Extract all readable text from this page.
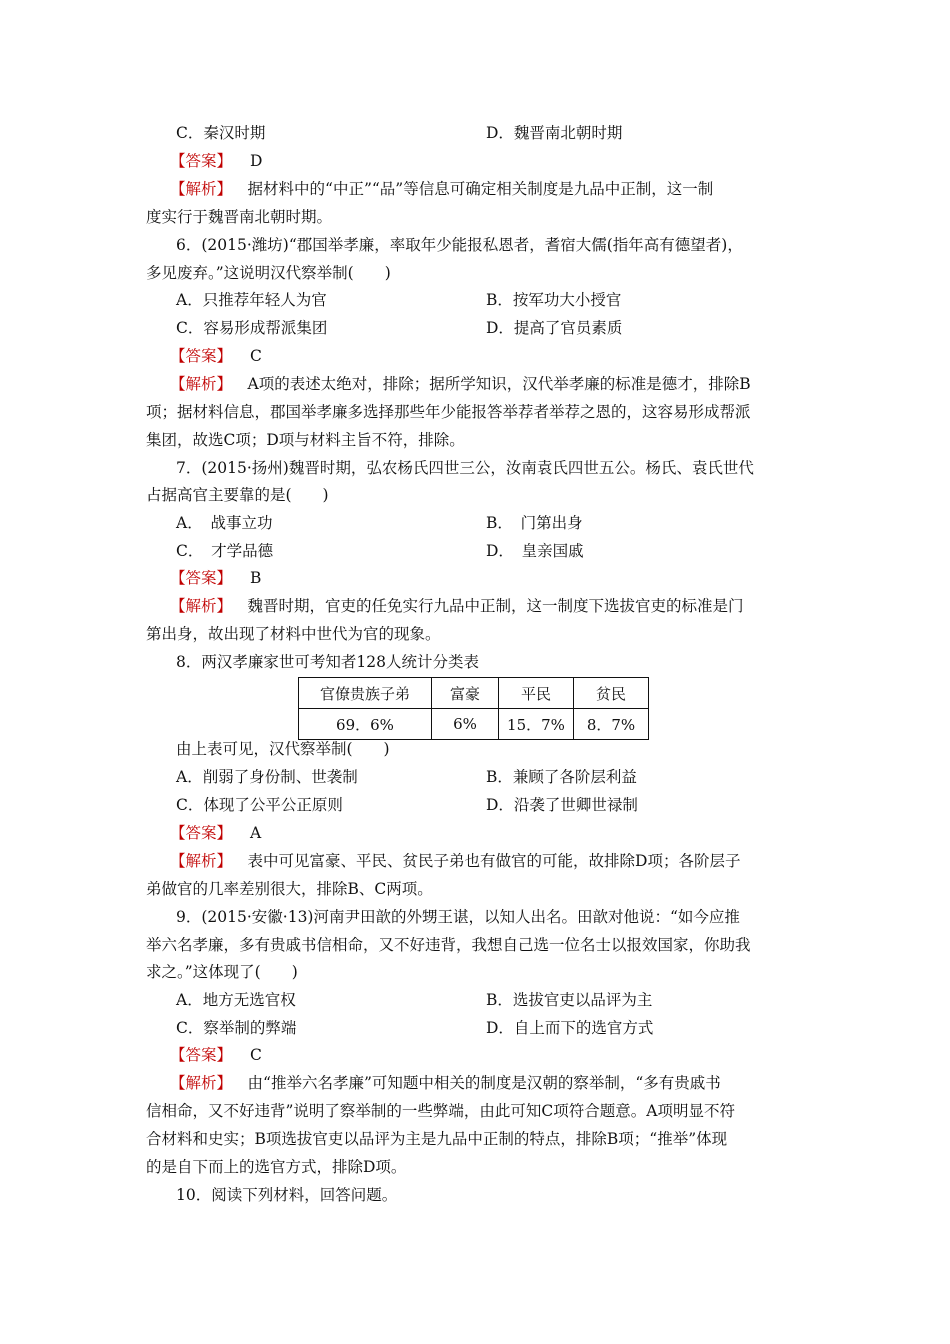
C．秦汉时期	D．魏晋南北朝时期
【答案】 D
【解析】  据材料中的“中正”“品”等信息可确定相关制度是九品中正制，这一制
度实行于魏晋南北朝时期。
6．(2015·潍坊)“郡国举孝廉，率取年少能报私恩者，耆宿大儒(指年高有德望者)，
多见废弃。”这说明汉代察举制(　　)
A．只推荐年轻人为官	B．按军功大小授官
C．容易形成帮派集团	D．提高了官员素质
【答案】 C
【解析】  A项的表述太绝对，排除；据所学知识，汉代举孝廉的标准是德才，排除B
项；据材料信息，郡国举孝廉多选择那些年少能报答举荐者举荐之恩的，这容易形成帮派
集团，故选C项；D项与材料主旨不符，排除。
7．(2015·扬州)魏晋时期，弘农杨氏四世三公，汝南袁氏四世五公。杨氏、袁氏世代
占据高官主要靠的是(　　)
A．　战事立功	B．　门第出身
C．　才学品德	D．　皇亲国戚
【答案】 B
【解析】  魏晋时期，官吏的任免实行九品中正制，这一制度下选拔官吏的标准是门
第出身，故出现了材料中世代为官的现象。
8．两汉孝廉家世可考知者128人统计分类表
官僚贵族子弟	富豪	平民	贫民
69．6%	6%	15．7%	8．7%
由上表可见，汉代察举制(　　)
A．削弱了身份制、世袭制	B．兼顾了各阶层利益
C．体现了公平公正原则	D．沿袭了世卿世禄制
【答案】 A
【解析】  表中可见富豪、平民、贫民子弟也有做官的可能，故排除D项；各阶层子
弟做官的几率差别很大，排除B、C两项。
9．(2015·安徽·13)河南尹田歆的外甥王谌，以知人出名。田歆对他说：“如今应推
举六名孝廉，多有贵戚书信相命，又不好违背，我想自己选一位名士以报效国家，你助我
求之。”这体现了(　　)
A．地方无选官权	B．选拔官吏以品评为主
C．察举制的弊端	D．自上而下的选官方式
【答案】 C
【解析】  由“推举六名孝廉”可知题中相关的制度是汉朝的察举制，“多有贵戚书
信相命，又不好违背”说明了察举制的一些弊端，由此可知C项符合题意。A项明显不符
合材料和史实；B项选拔官吏以品评为主是九品中正制的特点，排除B项；“推举”体现
的是自下而上的选官方式，排除D项。
10．阅读下列材料，回答问题。
